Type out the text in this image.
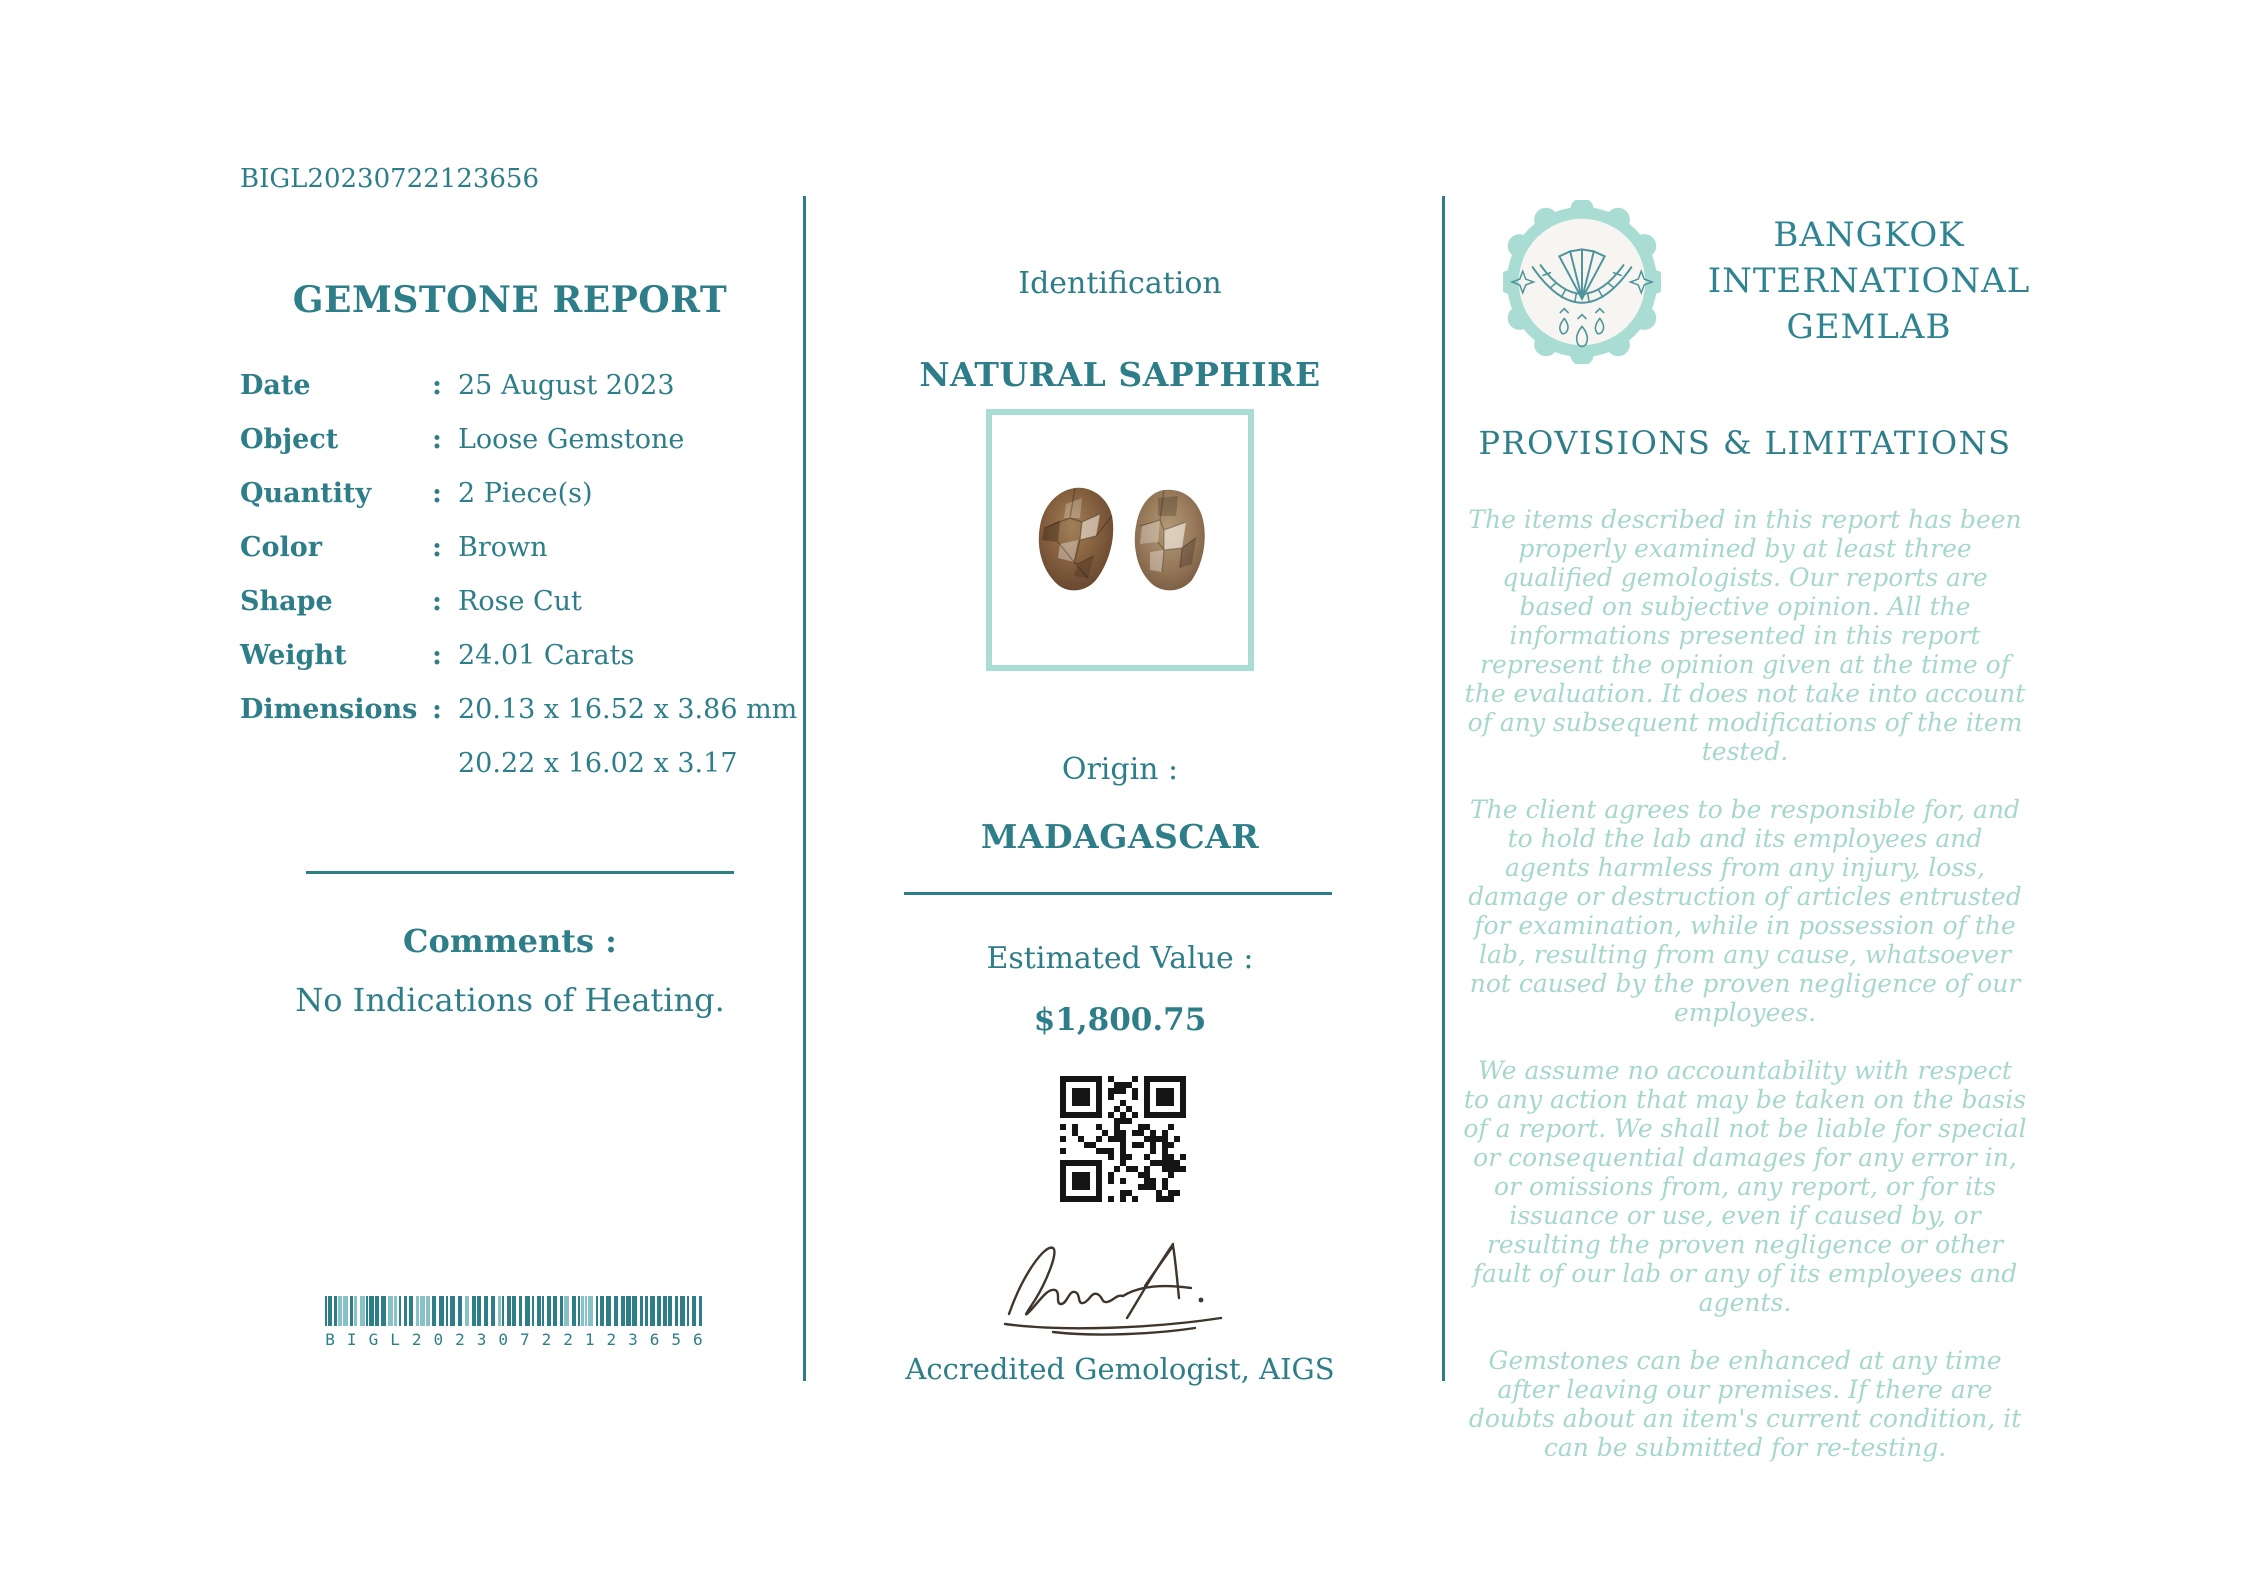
BIGL20230722123656
GEMSTONE REPORT
Date	: 25 August 2023
Object	: Loose Gemstone
Quantity	: 2 Piece(s)
Color	: Brown
Shape	: Rose Cut
Weight	: 24.01 Carats
Dimensions : 20.13 x 16.52 x 3.86 mm
20.22 x 16.02 x 3.17
Comments :
No Indications of Heating.
BIGL20230722123656
Identification
NATURAL SAPPHIRE
Origin :
MADAGASCAR
Estimated Value :
$1,800.75
Accredited Gemologist, AIGS
BANGKOK
INTERNATIONAL
GEMLAB
PROVISIONS & LIMITATIONS

The items described in this report has been properly examined by at least three qualified gemologists. Our reports are based on subjective opinion. All the informations presented in this report represent the opinion given at the time of the evaluation. It does not take into account of any subsequent modifications of the item tested.

The client agrees to be responsible for, and to hold the lab and its employees and agents harmless from any injury, loss, damage or destruction of articles entrusted for examination, while in possession of the lab, resulting from any cause, whatsoever not caused by the proven negligence of our employees.

We assume no accountability with respect to any action that may be taken on the basis of a report. We shall not be liable for special or consequential damages for any error in, or omissions from, any report, or for its issuance or use, even if caused by, or resulting the proven negligence or other fault of our lab or any of its employees and agents.

Gemstones can be enhanced at any time after leaving our premises. If there are doubts about an item's current condition, it can be submitted for re-testing.
